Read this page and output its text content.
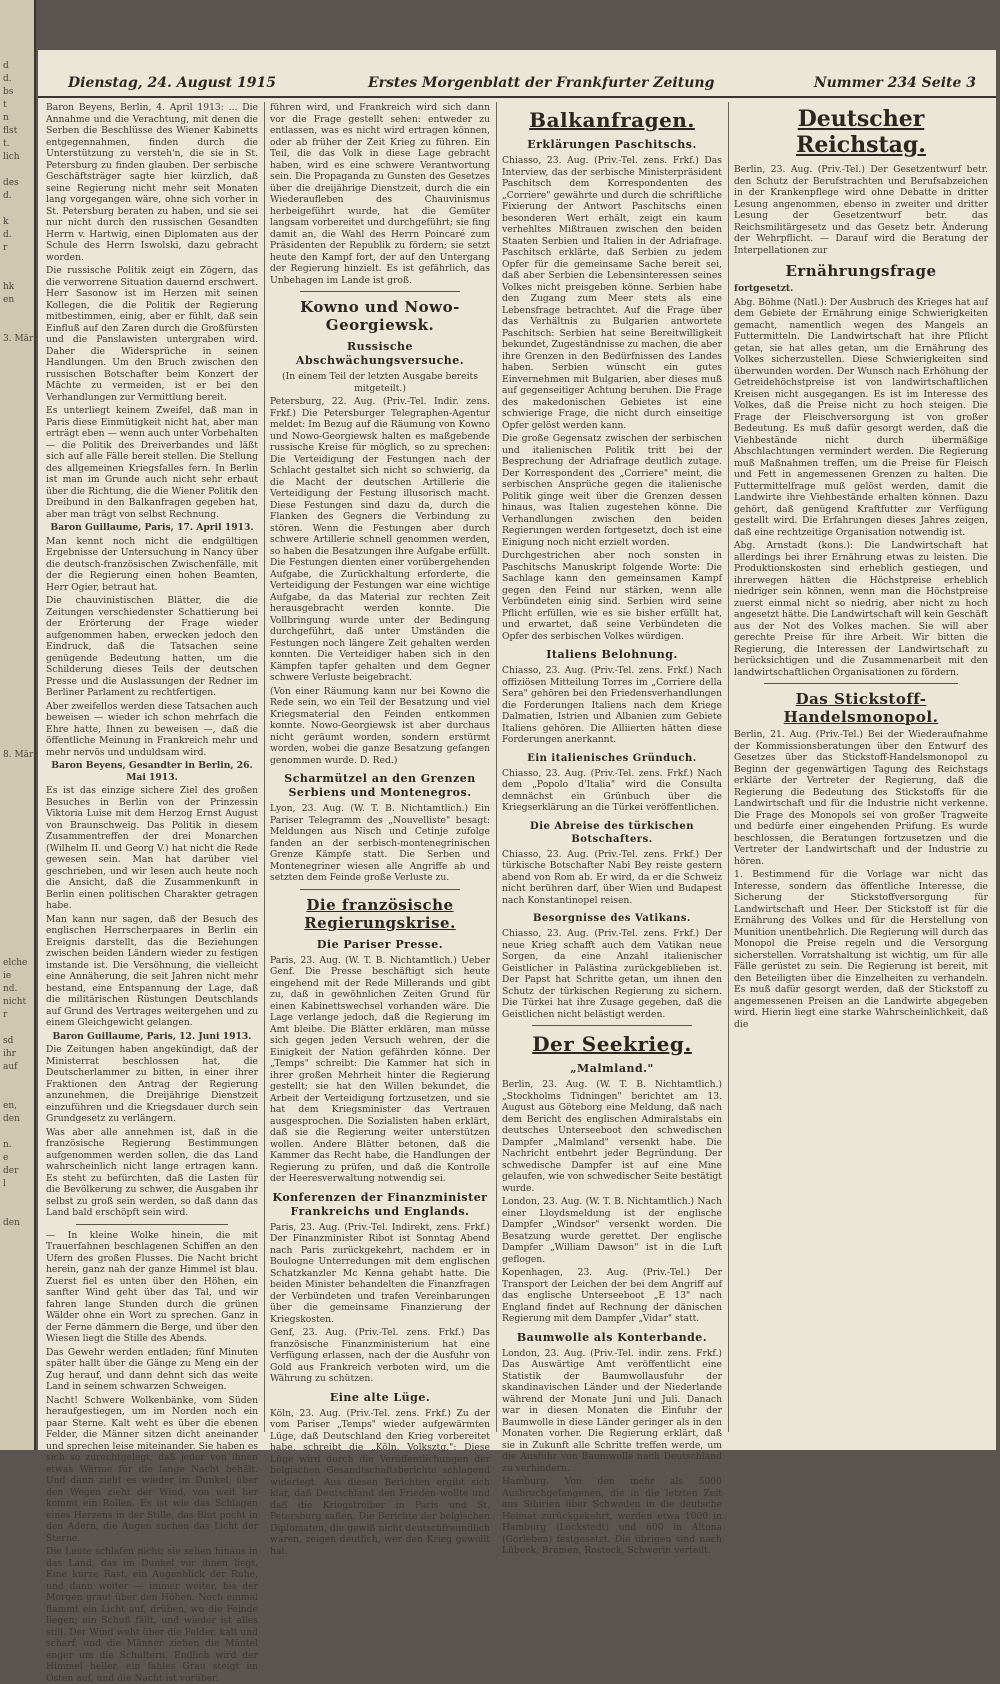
d
d.
bs
t
n
flst
t.
lich

des
d.

k
d.
r

hk
en

3. März

8. März

elche
ie
nd.
nicht
r

sd
ihr
auf

en,
den

n.
e
der
l

den
Dienstag, 24. August 1915	Erstes Morgenblatt der Frankfurter Zeitung	Nummer 234 Seite 3

Baron Beyens, Berlin, 4. April 1913: ... Die Annahme und die Verachtung, mit denen die Serben die Beschlüsse des Wiener Kabinetts entgegennahmen, finden durch die Unterstützung zu versteh'n, die sie in St. Petersburg zu finden glauben. Der serbische Geschäftsträger sagte hier kürzlich, daß seine Regierung nicht mehr seit Monaten lang vorgegangen wäre, ohne sich vorher in St. Petersburg beraten zu haben, und sie sei nur nicht durch den russischen Gesandten Herrn v. Hartwig, einen Diplomaten aus der Schule des Herrn Iswolski, dazu gebracht worden.

Die russische Politik zeigt ein Zögern, das die verworrene Situation dauernd erschwert. Herr Sasonow ist im Herzen mit seinen Kollegen, die die Politik der Regierung mitbestimmen, einig, aber er fühlt, daß sein Einfluß auf den Zaren durch die Großfürsten und die Panslawisten untergraben wird. Daher die Widersprüche in seinen Handlungen. Um den Bruch zwischen den russischen Botschafter beim Konzert der Mächte zu vermeiden, ist er bei den Verhandlungen zur Vermittlung bereit.

Es unterliegt keinem Zweifel, daß man in Paris diese Einmütigkeit nicht hat, aber man erträgt eben — wenn auch unter Vorbehalten — die Politik des Dreiverbandes und läßt sich auf alle Fälle bereit stellen. Die Stellung des allgemeinen Kriegsfalles fern. In Berlin ist man im Grunde auch nicht sehr erbaut über die Richtung, die die Wiener Politik den Dreibund in den Balkanfragen gegeben hat, aber man trägt von selbst Rechnung.

Baron Guillaume, Paris, 17. April 1913.

Man kennt noch nicht die endgültigen Ergebnisse der Untersuchung in Nancy über die deutsch-französischen Zwischenfälle, mit der die Regierung einen hohen Beamten, Herr Ogier, betraut hat.

Die chauvinistischen Blätter, die die Zeitungen verschiedenster Schattierung bei der Erörterung der Frage wieder aufgenommen haben, erwecken jedoch den Eindruck, daß die Tatsachen seine genügende Bedeutung hatten, um die Schilderung dieses Teils der deutschen Presse und die Auslassungen der Redner im Berliner Parlament zu rechtfertigen.

Aber zweifellos werden diese Tatsachen auch beweisen — wieder ich schon mehrfach die Ehre hatte, Ihnen zu beweisen —, daß die öffentliche Meinung in Frankreich mehr und mehr nervös und unduldsam wird.

Baron Beyens, Gesandter in Berlin, 26. Mai 1913.

Es ist das einzige sichere Ziel des großen Besuches in Berlin von der Prinzessin Viktoria Luise mit dem Herzog Ernst August von Braunschweig. Das Politik in diesem Zusammentreffen der drei Monarchen (Wilhelm II. und Georg V.) hat nicht die Rede gewesen sein. Man hat darüber viel geschrieben, und wir lesen auch heute noch die Ansicht, daß die Zusammenkunft in Berlin einen politischen Charakter getragen habe.

Man kann nur sagen, daß der Besuch des englischen Herrscherpaares in Berlin ein Ereignis darstellt, das die Beziehungen zwischen beiden Ländern wieder zu festigen imstande ist. Die Versöhnung, die vielleicht eine Annäherung, die seit Jahren nicht mehr bestand, eine Entspannung der Lage, daß die militärischen Rüstungen Deutschlands auf Grund des Vertrages weitergehen und zu einem Gleichgewicht gelangen.

Baron Guillaume, Paris, 12. Juni 1913.

Die Zeitungen haben angekündigt, daß der Ministerrat beschlossen hat, die Deutscherlammer zu bitten, in einer ihrer Fraktionen den Antrag der Regierung anzunehmen, die Dreijährige Dienstzeit einzuführen und die Kriegsdauer durch sein Grundgesetz zu verlängern.

Was aber alle annehmen ist, daß in die französische Regierung Bestimmungen aufgenommen werden sollen, die das Land wahrscheinlich nicht lange ertragen kann. Es steht zu befürchten, daß die Lasten für die Bevölkerung zu schwer, die Ausgaben ihr selbst zu groß sein werden, so daß dann das Land bald erschöpft sein wird.

— In kleine Wolke hinein, die mit Trauerfahnen beschlagenen Schiffen an den Ufern des großen Flusses. Die Nacht bricht herein, ganz nah der ganze Himmel ist blau. Zuerst fiel es unten über den Höhen, ein sanfter Wind geht über das Tal, und wir fahren lange Stunden durch die grünen Wälder ohne ein Wort zu sprechen. Ganz in der Ferne dämmern die Berge, und über den Wiesen liegt die Stille des Abends.

Das Gewehr werden entladen; fünf Minuten später hallt über die Gänge zu Meng ein der Zug herauf, und dann dehnt sich das weite Land in seinem schwarzen Schweigen.

Nacht! Schwere Wolkenbänke, vom Süden heraufgestiegen, um im Norden noch ein paar Sterne. Kalt weht es über die ebenen Felder, die Männer sitzen dicht aneinander und sprechen leise miteinander. Sie haben es sich so zurechtgelegt, daß jeder von ihnen etwas Wärme für die lange Nacht behält. Und dann zieht es wieder im Dunkel, über den Wegen zieht der Wind, von weit her kommt ein Rollen. Es ist wie das Schlagen eines Herzens in der Stille, das Blut pocht in den Adern, die Augen suchen das Licht der Sterne.

Die Leute schlafen nicht; sie sehen hinaus in das Land, das im Dunkel vor ihnen liegt. Eine kurze Rast, ein Augenblick der Ruhe, und dann weiter — immer weiter, bis der Morgen graut über den Höhen. Noch einmal flammt ein Licht auf, drüben, wo die Feinde liegen; ein Schuß fällt, und wieder ist alles still. Der Wind weht über die Felder, kalt und scharf, und die Männer ziehen die Mäntel enger um die Schultern. Endlich wird der Himmel heller, ein fahles Grau steigt im Osten auf, und die Nacht ist vorüber.

führen wird, und Frankreich wird sich dann vor die Frage gestellt sehen: entweder zu entlassen, was es nicht wird ertragen können, oder ab früher der Zeit Krieg zu führen. Ein Teil, die das Volk in diese Lage gebracht haben, wird es eine schwere Verantwortung sein. Die Propaganda zu Gunsten des Gesetzes über die dreijährige Dienstzeit, durch die ein Wiederaufleben des Chauvinismus herbeigeführt wurde, hat die Gemüter langsam vorbereitet und durchgeführt; sie fing damit an, die Wahl des Herrn Poincaré zum Präsidenten der Republik zu fördern; sie setzt heute den Kampf fort, der auf den Untergang der Regierung hinzielt. Es ist gefährlich, das Unbehagen im Lande ist groß.

Kowno und Nowo-Georgiewsk.
Russische Abschwächungsversuche.

(In einem Teil der letzten Ausgabe bereits mitgeteilt.)

Petersburg, 22. Aug. (Priv.-Tel. Indir. zens. Frkf.) Die Petersburger Telegraphen-Agentur meldet: Im Bezug auf die Räumung von Kowno und Nowo-Georgiewsk halten es maßgebende russische Kreise für möglich, so zu sprechen: Die Verteidigung der Festungen nach der Schlacht gestaltet sich nicht so schwierig, da die Macht der deutschen Artillerie die Verteidigung der Festung illusorisch macht. Diese Festungen sind dazu da, durch die Flanken des Gegners die Verbindung zu stören. Wenn die Festungen aber durch schwere Artillerie schnell genommen werden, so haben die Besatzungen ihre Aufgabe erfüllt. Die Festungen dienten einer vorübergehenden Aufgabe, die Zurückhaltung erforderte, die Verteidigung der Festungen war eine wichtige Aufgabe, da das Material zur rechten Zeit herausgebracht werden konnte. Die Vollbringung wurde unter der Bedingung durchgeführt, daß unter Umständen die Festungen noch längere Zeit gehalten werden konnten. Die Verteidiger haben sich in den Kämpfen tapfer gehalten und dem Gegner schwere Verluste beigebracht.

(Von einer Räumung kann nur bei Kowno die Rede sein, wo ein Teil der Besatzung und viel Kriegsmaterial den Feinden entkommen konnte. Nowo-Georgiewsk ist aber durchaus nicht geräumt worden, sondern erstürmt worden, wobei die ganze Besatzung gefangen genommen wurde. D. Red.)

Scharmützel an den Grenzen Serbiens und Montenegros.

Lyon, 23. Aug. (W. T. B. Nichtamtlich.) Ein Pariser Telegramm des „Nouvelliste" besagt: Meldungen aus Nisch und Cetinje zufolge fanden an der serbisch-montenegrinischen Grenze Kämpfe statt. Die Serben und Montenegriner wiesen alle Angriffe ab und setzten dem Feinde große Verluste zu.

Die französische Regierungskrise.
Die Pariser Presse.

Paris, 23. Aug. (W. T. B. Nichtamtlich.) Ueber Genf. Die Presse beschäftigt sich heute eingehend mit der Rede Millerands und gibt zu, daß in gewöhnlichen Zeiten Grund für einen Kabinettswechsel vorhanden wäre. Die Lage verlange jedoch, daß die Regierung im Amt bleibe. Die Blätter erklären, man müsse sich gegen jeden Versuch wehren, der die Einigkeit der Nation gefährden könne. Der „Temps" schreibt: Die Kammer hat sich in ihrer großen Mehrheit hinter die Regierung gestellt; sie hat den Willen bekundet, die Arbeit der Verteidigung fortzusetzen, und sie hat dem Kriegsminister das Vertrauen ausgesprochen. Die Sozialisten haben erklärt, daß sie die Regierung weiter unterstützen wollen. Andere Blätter betonen, daß die Kammer das Recht habe, die Handlungen der Regierung zu prüfen, und daß die Kontrolle der Heeresverwaltung notwendig sei.

Konferenzen der Finanzminister Frankreichs und Englands.

Paris, 23. Aug. (Priv.-Tel. Indirekt, zens. Frkf.) Der Finanzminister Ribot ist Sonntag Abend nach Paris zurückgekehrt, nachdem er in Boulogne Unterredungen mit dem englischen Schatzkanzler Mc Kenna gehabt hatte. Die beiden Minister behandelten die Finanzfragen der Verbündeten und trafen Vereinbarungen über die gemeinsame Finanzierung der Kriegskosten.

Genf, 23. Aug. (Priv.-Tel. zens. Frkf.) Das französische Finanzministerium hat eine Verfügung erlassen, nach der die Ausfuhr von Gold aus Frankreich verboten wird, um die Währung zu schützen.

Eine alte Lüge.

Köln, 23. Aug. (Priv.-Tel. zens. Frkf.) Zu der vom Pariser „Temps" wieder aufgewärmten Lüge, daß Deutschland den Krieg vorbereitet habe, schreibt die „Köln. Volksztg.": Diese Lüge wird durch die Veröffentlichungen der belgischen Gesandtschaftsberichte schlagend widerlegt. Aus diesen Berichten ergibt sich klar, daß Deutschland den Frieden wollte und daß die Kriegstreiber in Paris und St. Petersburg saßen. Die Berichte der belgischen Diplomaten, die gewiß nicht deutschfreundlich waren, zeigen deutlich, wer den Krieg gewollt hat.

Balkanfragen.
Erklärungen Paschitschs.

Chiasso, 23. Aug. (Priv.-Tel. zens. Frkf.) Das Interview, das der serbische Ministerpräsident Paschitsch dem Korrespondenten des „Corriere" gewährte und durch die schriftliche Fixierung der Antwort Paschitschs einen besonderen Wert erhält, zeigt ein kaum verhehltes Mißtrauen zwischen den beiden Staaten Serbien und Italien in der Adriafrage. Paschitsch erklärte, daß Serbien zu jedem Opfer für die gemeinsame Sache bereit sei, daß aber Serbien die Lebensinteressen seines Volkes nicht preisgeben könne. Serbien habe den Zugang zum Meer stets als eine Lebensfrage betrachtet. Auf die Frage über das Verhältnis zu Bulgarien antwortete Paschitsch: Serbien hat seine Bereitwilligkeit bekundet, Zugeständnisse zu machen, die aber ihre Grenzen in den Bedürfnissen des Landes haben. Serbien wünscht ein gutes Einvernehmen mit Bulgarien, aber dieses muß auf gegenseitiger Achtung beruhen. Die Frage des makedonischen Gebietes ist eine schwierige Frage, die nicht durch einseitige Opfer gelöst werden kann.

Die große Gegensatz zwischen der serbischen und italienischen Politik tritt bei der Besprechung der Adriafrage deutlich zutage. Der Korrespondent des „Corriere" meint, die serbischen Ansprüche gegen die italienische Politik ginge weit über die Grenzen dessen hinaus, was Italien zugestehen könne. Die Verhandlungen zwischen den beiden Regierungen werden fortgesetzt, doch ist eine Einigung noch nicht erzielt worden.

Durchgestrichen aber noch sonsten in Paschitschs Manuskript folgende Worte: Die Sachlage kann den gemeinsamen Kampf gegen den Feind nur stärken, wenn alle Verbündeten einig sind. Serbien wird seine Pflicht erfüllen, wie es sie bisher erfüllt hat, und erwartet, daß seine Verbündeten die Opfer des serbischen Volkes würdigen.

Italiens Belohnung.

Chiasso, 23. Aug. (Priv.-Tel. zens. Frkf.) Nach offiziösen Mitteilung Torres im „Corriere della Sera" gehören bei den Friedensverhandlungen die Forderungen Italiens nach dem Kriege Dalmatien, Istrien und Albanien zum Gebiete Italiens gehören. Die Alliierten hätten diese Forderungen anerkannt.

Ein italienisches Gründuch.

Chiasso, 23. Aug. (Priv.-Tel. zens. Frkf.) Nach dem „Popolo d'Italia" wird die Consulta demnächst ein Grünbuch über die Kriegserklärung an die Türkei veröffentlichen.

Die Abreise des türkischen Botschafters.

Chiasso, 23. Aug. (Priv.-Tel. zens. Frkf.) Der türkische Botschafter Nabi Bey reiste gestern abend von Rom ab. Er wird, da er die Schweiz nicht berühren darf, über Wien und Budapest nach Konstantinopel reisen.

Besorgnisse des Vatikans.

Chiasso, 23. Aug. (Priv.-Tel. zens. Frkf.) Der neue Krieg schafft auch dem Vatikan neue Sorgen, da eine Anzahl italienischer Geistlicher in Palästina zurückgeblieben ist. Der Papst hat Schritte getan, um ihnen den Schutz der türkischen Regierung zu sichern. Die Türkei hat ihre Zusage gegeben, daß die Geistlichen nicht belästigt werden.

Der Seekrieg.
„Malmland."

Berlin, 23. Aug. (W. T. B. Nichtamtlich.) „Stockholms Tidningen" berichtet am 13. August aus Göteborg eine Meldung, daß nach dem Bericht des englischen Admiralstabs ein deutsches Unterseeboot den schwedischen Dampfer „Malmland" versenkt habe. Die Nachricht entbehrt jeder Begründung. Der schwedische Dampfer ist auf eine Mine gelaufen, wie von schwedischer Seite bestätigt wurde.

London, 23. Aug. (W. T. B. Nichtamtlich.) Nach einer Lloydsmeldung ist der englische Dampfer „Windsor" versenkt worden. Die Besatzung wurde gerettet. Der englische Dampfer „William Dawson" ist in die Luft geflogen.

Kopenhagen, 23. Aug. (Priv.-Tel.) Der Transport der Leichen der bei dem Angriff auf das englische Unterseeboot „E 13" nach England findet auf Rechnung der dänischen Regierung mit dem Dampfer „Vidar" statt.

Baumwolle als Konterbande.

London, 23. Aug. (Priv.-Tel. indir. zens. Frkf.) Das Auswärtige Amt veröffentlicht eine Statistik der Baumwollausfuhr der skandinavischen Länder und der Niederlande während der Monate Juni und Juli. Danach war in diesen Monaten die Einfuhr der Baumwolle in diese Länder geringer als in den Monaten vorher. Die Regierung erklärt, daß sie in Zukunft alle Schritte treffen werde, um die Ausfuhr von Baumwolle nach Deutschland zu verhindern.

Hamburg. Von den mehr als 5000 Ausbruchgefangenen, die in die letzten Zeit aus Sibirien über Schweden in die deutsche Heimat zurückgekehrt, werden etwa 1000 in Hamburg (Lockstedt) und 600 in Altona (Gorleben) festgesetzt. Die übrigen sind nach Lübeck, Bremen, Rostock, Schwerin verteilt.

Deutscher Reichstag.

Berlin, 23. Aug. (Priv.-Tel.) Der Gesetzentwurf betr. den Schutz der Berufstrachten und Berufsabzeichen in der Krankenpflege wird ohne Debatte in dritter Lesung angenommen, ebenso in zweiter und dritter Lesung der Gesetzentwurf betr. das Reichsmilitärgesetz und das Gesetz betr. Änderung der Wehrpflicht. — Darauf wird die Beratung der Interpellationen zur

Ernährungsfrage

fortgesetzt.

Abg. Böhme (Natl.): Der Ausbruch des Krieges hat auf dem Gebiete der Ernährung einige Schwierigkeiten gemacht, namentlich wegen des Mangels an Futtermitteln. Die Landwirtschaft hat ihre Pflicht getan, sie hat alles getan, um die Ernährung des Volkes sicherzustellen. Diese Schwierigkeiten sind überwunden worden. Der Wunsch nach Erhöhung der Getreidehöchstpreise ist von landwirtschaftlichen Kreisen nicht ausgegangen. Es ist im Interesse des Volkes, daß die Preise nicht zu hoch steigen. Die Frage der Fleischversorgung ist von großer Bedeutung. Es muß dafür gesorgt werden, daß die Viehbestände nicht durch übermäßige Abschlachtungen vermindert werden. Die Regierung muß Maßnahmen treffen, um die Preise für Fleisch und Fett in angemessenen Grenzen zu halten. Die Futtermittelfrage muß gelöst werden, damit die Landwirte ihre Viehbestände erhalten können. Dazu gehört, daß genügend Kraftfutter zur Verfügung gestellt wird. Die Erfahrungen dieses Jahres zeigen, daß eine rechtzeitige Organisation notwendig ist.

Abg. Arnstadt (kons.): Die Landwirtschaft hat allerdings bei ihrer Ernährung etwas zu leisten. Die Produktionskosten sind erheblich gestiegen, und ihrerwegen hätten die Höchstpreise erheblich niedriger sein können, wenn man die Höchstpreise zuerst einmal nicht so niedrig, aber nicht zu hoch angesetzt hätte. Die Landwirtschaft will kein Geschäft aus der Not des Volkes machen. Sie will aber gerechte Preise für ihre Arbeit. Wir bitten die Regierung, die Interessen der Landwirtschaft zu berücksichtigen und die Zusammenarbeit mit den landwirtschaftlichen Organisationen zu fördern.

Das Stickstoff-Handelsmonopol.

Berlin, 21. Aug. (Priv.-Tel.) Bei der Wiederaufnahme der Kommissionsberatungen über den Entwurf des Gesetzes über das Stickstoff-Handelsmonopol zu Beginn der gegenwärtigen Tagung des Reichstags erklärte der Vertreter der Regierung, daß die Regierung die Bedeutung des Stickstoffs für die Landwirtschaft und für die Industrie nicht verkenne. Die Frage des Monopols sei von großer Tragweite und bedürfe einer eingehenden Prüfung. Es wurde beschlossen, die Beratungen fortzusetzen und die Vertreter der Landwirtschaft und der Industrie zu hören.

1. Bestimmend für die Vorlage war nicht das Interesse, sondern das öffentliche Interesse, die Sicherung der Stickstoffversorgung für Landwirtschaft und Heer. Der Stickstoff ist für die Ernährung des Volkes und für die Herstellung von Munition unentbehrlich. Die Regierung will durch das Monopol die Preise regeln und die Versorgung sicherstellen. Vorratshaltung ist wichtig, um für alle Fälle gerüstet zu sein. Die Regierung ist bereit, mit den Beteiligten über die Einzelheiten zu verhandeln. Es muß dafür gesorgt werden, daß der Stickstoff zu angemessenen Preisen an die Landwirte abgegeben wird. Hierin liegt eine starke Wahrscheinlichkeit, daß die
